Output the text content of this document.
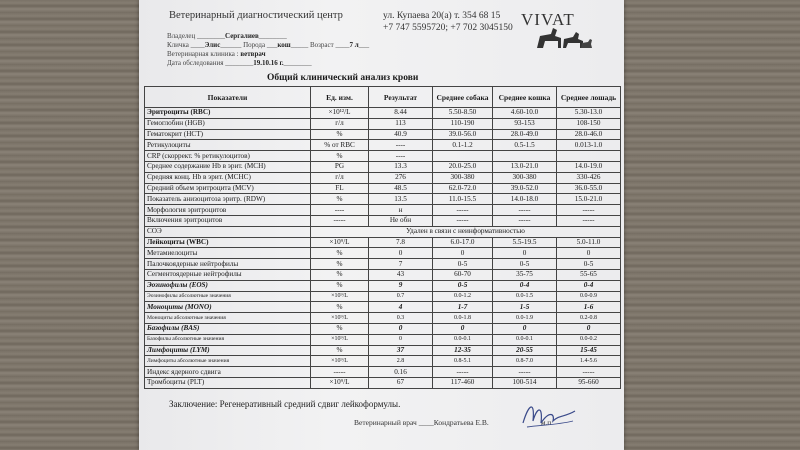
Ветеринарный диагностический центр	ул. Купаева 20(а) т. 354 68 15
+7 747 5595720; +7 702 3045150 VIVAT
Владелец ________Сергалиев________
Кличка ____Элис______ Порода ___кош_____ Возраст ____7 л___
Ветеринарная клиника : ветврач
Дата обследования ________19.10.16 г.________
Общий клинический анализ крови
Показатели	Ед. изм.	Результат	Среднее собака	Среднее кошка	Среднее лошадь
Эритроциты (RBC)	×10¹²/L	8.44	5.50-8.50	4.60-10.0	5.30-13.0
Гемоглобин (HGB)	г/л	113	110-190	93-153	108-150
Гематокрит (HCT)	%	40.9	39.0-56.0	28.0-49.0	28.0-46.0
Ретикулоциты	% от RBC	----	0.1-1.2	0.5-1.5	0.013-1.0
CRP (скоррект. % ретикулоцитов)	%	----			
Среднее содержание Hb в эрит. (MCH)	PG	13.3	20.0-25.0	13.0-21.0	14.0-19.0
Средняя конц. Hb в эрит. (MCHC)	г/л	276	300-380	300-380	330-426
Средний объем эритроцита (MCV)	FL	48.5	62.0-72.0	39.0-52.0	36.0-55.0
Показатель анизоцитоза эритр. (RDW)	%	13.5	11.0-15.5	14.0-18.0	15.0-21.0
Морфология эритроцитов	----	н	-----	-----	-----
Включения эритроцитов	-----	Не обн	-----	-----	-----
СОЭ	Удален в связи с неинформативностью				
Лейкоциты (WBC)	×10⁹/L	7.8	6.0-17.0	5.5-19.5	5.0-11.0
Метамиелоциты	%	0	0	0	0
Палочкоядерные нейтрофилы	%	7	0-5	0-5	0-5
Сегментоядерные нейтрофилы	%	43	60-70	35-75	55-65
Эозинофилы (EOS)	%	9	0-5	0-4	0-4
Эозинофилы абсолютные значения	×10⁹/L	0.7	0.0-1.2	0.0-1.5	0.0-0.9
Моноциты (MONO)	%	4	1-7	1-5	1-6
Моноциты абсолютные значения	×10⁹/L	0.3	0.0-1.8	0.0-1.9	0.2-0.8
Базофилы (BAS)	%	0	0	0	0
Базофилы абсолютные значения	×10⁹/L	0	0.0-0.1	0.0-0.1	0.0-0.2
Лимфоциты (LYM)	%	37	12-35	20-55	15-45
Лимфоциты абсолютные значения	×10⁹/L	2.8	0.8-5.1	0.8-7.0	1.4-5.6
Индекс ядерного сдвига	-----	0.16	-----	-----	-----
Тромбоциты (PLT)	×10⁹/L	67	117-460	100-514	95-660
Заключение: Регенеративный средний сдвиг лейкоформулы.
Ветеринарный врач ____Кондратьева Е.В.	м.п
